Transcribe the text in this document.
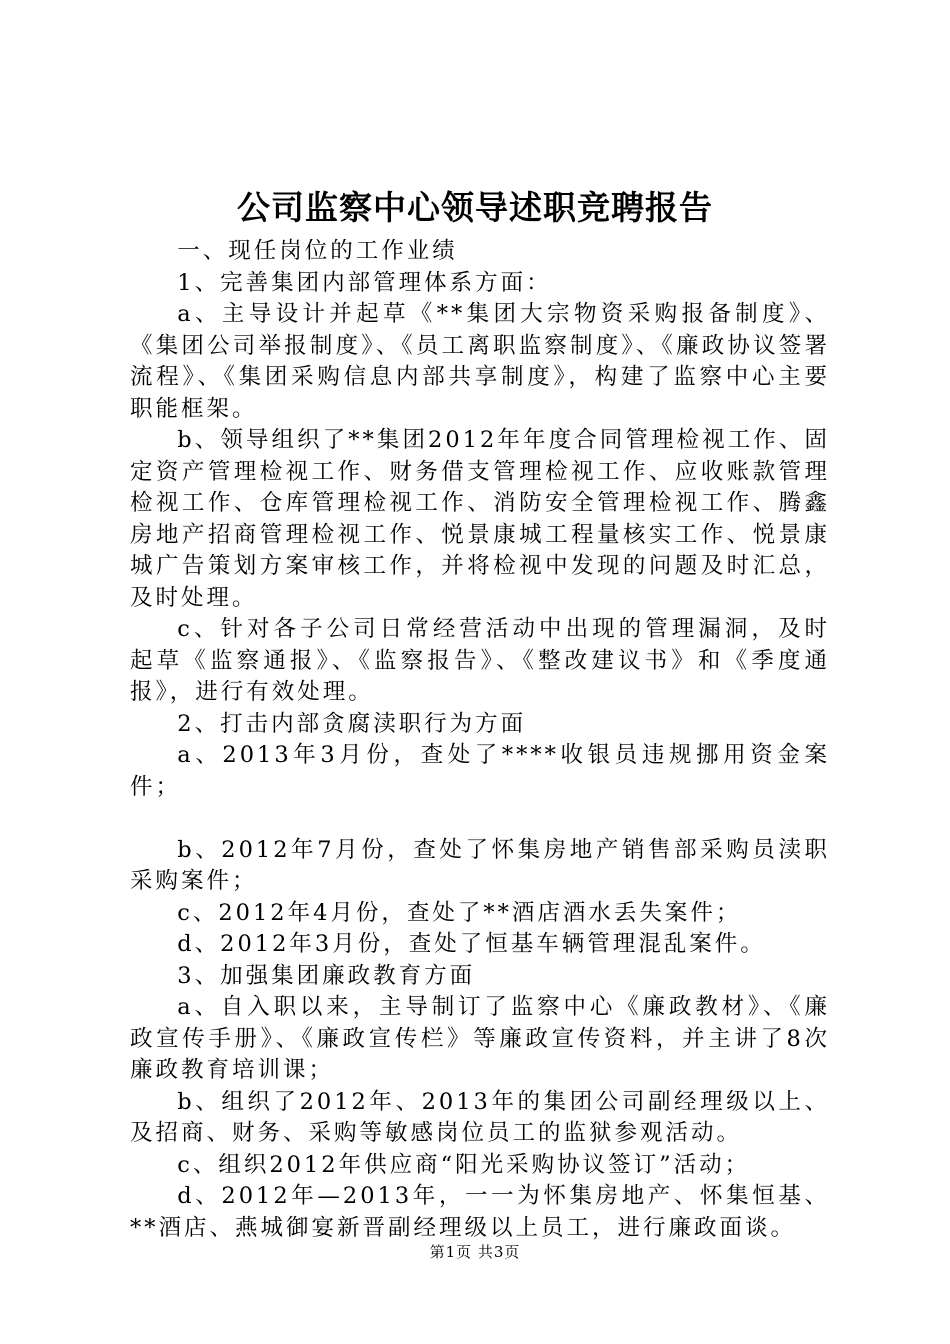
公司监察中心领导述职竞聘报告

一、现任岗位的工作业绩

1、完善集团内部管理体系方面：

a、主导设计并起草《**集团大宗物资采购报备制度》、《集团公司举报制度》、《员工离职监察制度》、《廉政协议签署流程》、《集团采购信息内部共享制度》，构建了监察中心主要职能框架。

b、领导组织了**集团2012年年度合同管理检视工作、固定资产管理检视工作、财务借支管理检视工作、应收账款管理检视工作、仓库管理检视工作、消防安全管理检视工作、腾鑫房地产招商管理检视工作、悦景康城工程量核实工作、悦景康城广告策划方案审核工作，并将检视中发现的问题及时汇总，及时处理。

c、针对各子公司日常经营活动中出现的管理漏洞，及时起草《监察通报》、《监察报告》、《整改建议书》和《季度通报》，进行有效处理。

2、打击内部贪腐渎职行为方面

a、2013年3月份，查处了****收银员违规挪用资金案件；

b、2012年7月份，查处了怀集房地产销售部采购员渎职采购案件；

c、2012年4月份，查处了**酒店酒水丢失案件；

d、2012年3月份，查处了恒基车辆管理混乱案件。

3、加强集团廉政教育方面

a、自入职以来，主导制订了监察中心《廉政教材》、《廉政宣传手册》、《廉政宣传栏》等廉政宣传资料，并主讲了8次廉政教育培训课；

b、组织了2012年、2013年的集团公司副经理级以上、及招商、财务、采购等敏感岗位员工的监狱参观活动。

c、组织2012年供应商“阳光采购协议签订”活动；

d、2012年—2013年，一一为怀集房地产、怀集恒基、**酒店、燕城御宴新晋副经理级以上员工，进行廉政面谈。

第1页 共3页
